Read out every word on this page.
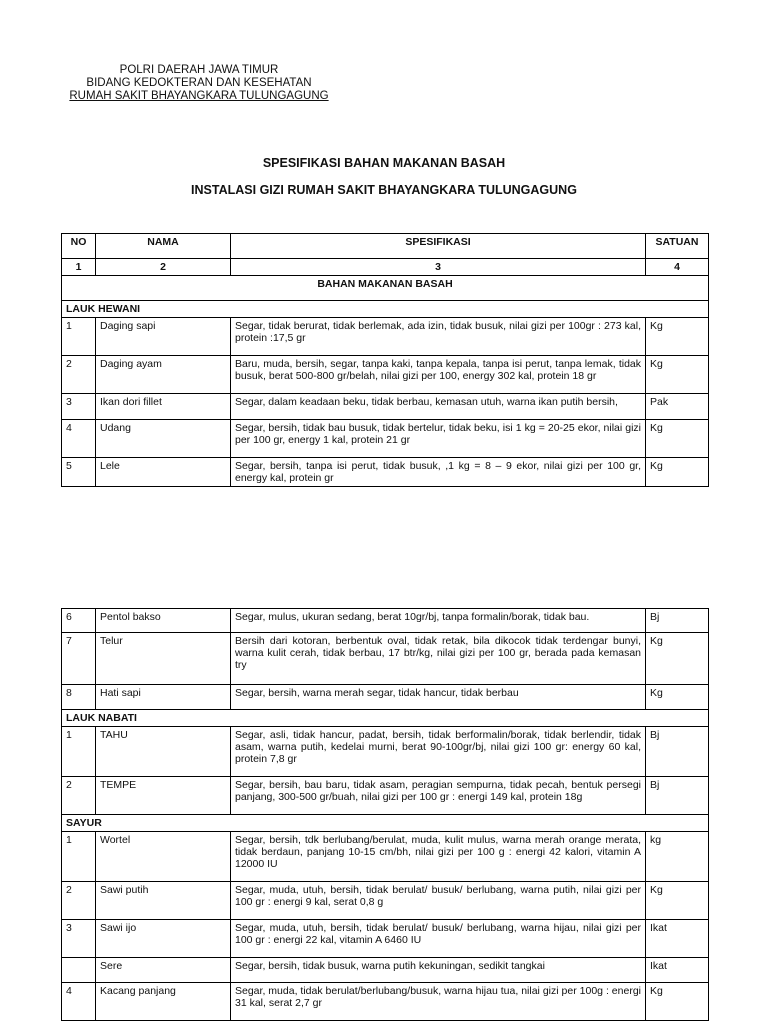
POLRI DAERAH JAWA TIMUR
BIDANG KEDOKTERAN DAN KESEHATAN
RUMAH SAKIT BHAYANGKARA TULUNGAGUNG
SPESIFIKASI BAHAN MAKANAN BASAH
INSTALASI GIZI RUMAH SAKIT BHAYANGKARA TULUNGAGUNG
NO	NAMA	SPESIFIKASI	SATUAN
1	2	3	4
BAHAN MAKANAN BASAH			
LAUK HEWANI			
1	Daging sapi	Segar, tidak berurat, tidak berlemak, ada izin, tidak busuk, nilai gizi per 100gr : 273 kal, protein :17,5 gr	Kg
2	Daging ayam	Baru, muda, bersih, segar, tanpa kaki, tanpa kepala, tanpa isi perut, tanpa lemak, tidak busuk, berat 500-800 gr/belah, nilai gizi per 100, energy 302 kal, protein 18 gr	Kg
3	Ikan dori fillet	Segar, dalam keadaan beku, tidak berbau, kemasan utuh, warna ikan putih bersih,	Pak
4	Udang	Segar, bersih, tidak bau busuk, tidak bertelur, tidak beku, isi 1 kg = 20-25 ekor, nilai gizi per 100 gr, energy 1 kal, protein 21 gr	Kg
5	Lele	Segar, bersih, tanpa isi perut, tidak busuk, ,1 kg = 8 – 9 ekor, nilai gizi per 100 gr, energy kal, protein gr	Kg
6	Pentol bakso	Segar, mulus, ukuran sedang, berat 10gr/bj, tanpa formalin/borak, tidak bau.	Bj
7	Telur	Bersih dari kotoran, berbentuk oval, tidak retak, bila dikocok tidak terdengar bunyi, warna kulit cerah, tidak berbau, 17 btr/kg, nilai gizi per 100 gr, berada pada kemasan try	Kg
8	Hati sapi	Segar, bersih, warna merah segar, tidak hancur, tidak berbau	Kg
LAUK NABATI			
1	TAHU	Segar, asli, tidak hancur, padat, bersih, tidak berformalin/borak, tidak berlendir, tidak asam, warna putih, kedelai murni, berat 90-100gr/bj, nilai gizi 100 gr: energy 60 kal, protein 7,8 gr	Bj
2	TEMPE	Segar, bersih, bau baru, tidak asam, peragian sempurna, tidak pecah, bentuk persegi panjang, 300-500 gr/buah, nilai gizi per 100 gr : energi 149 kal, protein 18g	Bj
SAYUR			
1	Wortel	Segar, bersih, tdk berlubang/berulat, muda, kulit mulus, warna merah orange merata, tidak berdaun, panjang 10-15 cm/bh, nilai gizi per 100 g : energi 42 kalori, vitamin A 12000 IU	kg
2	Sawi putih	Segar, muda, utuh, bersih, tidak berulat/ busuk/ berlubang, warna putih, nilai gizi per 100 gr : energi 9 kal, serat 0,8 g	Kg
3	Sawi ijo	Segar, muda, utuh, bersih, tidak berulat/ busuk/ berlubang, warna hijau, nilai gizi per 100 gr : energi 22 kal, vitamin A 6460 IU	Ikat
	Sere	Segar, bersih, tidak busuk, warna putih kekuningan, sedikit tangkai	Ikat
4	Kacang panjang	Segar, muda, tidak berulat/berlubang/busuk, warna hijau tua, nilai gizi per 100g : energi 31 kal, serat 2,7 gr	Kg
